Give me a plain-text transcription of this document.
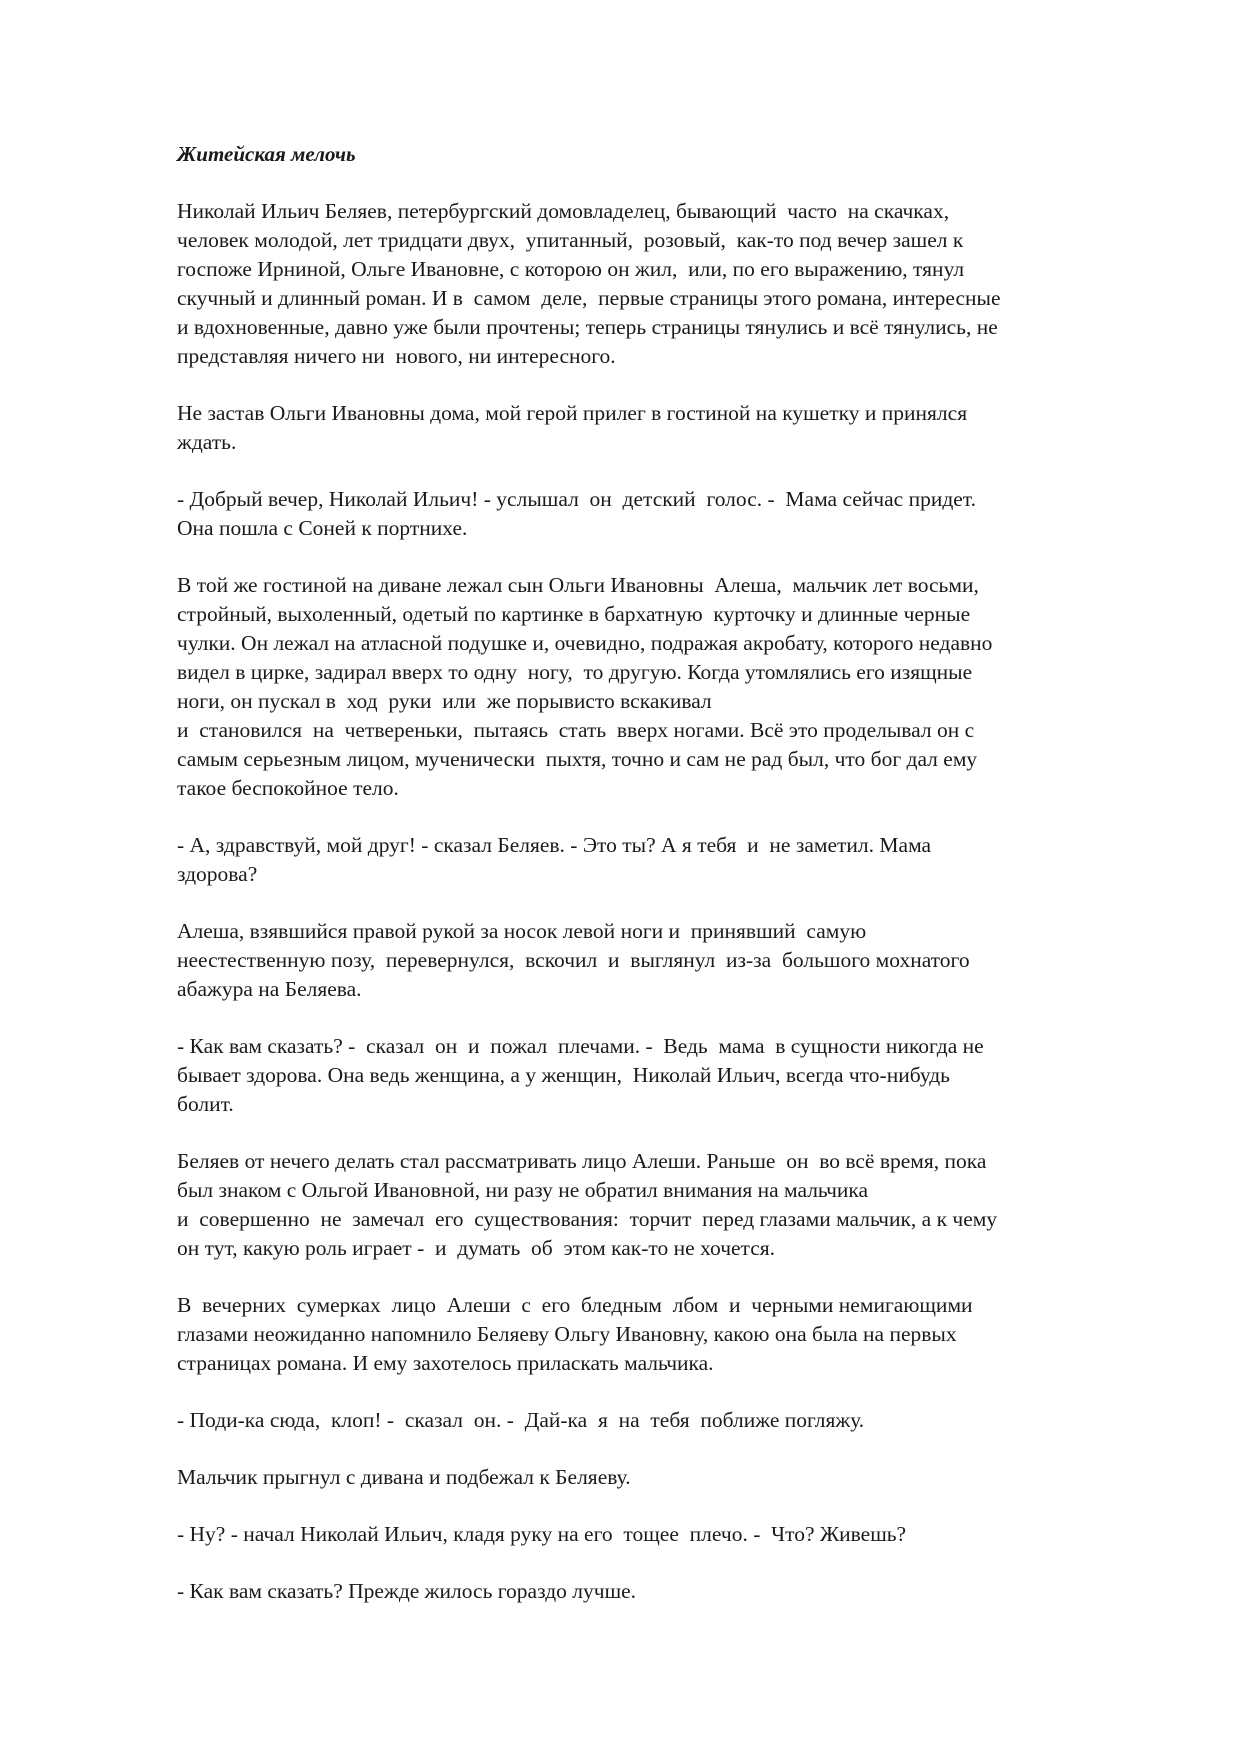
Житейская мелочь
Николай Ильич Беляев, петербургский домовладелец, бывающий  часто  на скачках,
человек молодой, лет тридцати двух,  упитанный,  розовый,  как-то под вечер зашел к
госпоже Ирниной, Ольге Ивановне, с которою он жил,  или, по его выражению, тянул
скучный и длинный роман. И в  самом  деле,  первые страницы этого романа, интересные
и вдохновенные, давно уже были прочтены; теперь страницы тянулись и всё тянулись, не
представляя ничего ни  нового, ни интересного.
Не застав Ольги Ивановны дома, мой герой прилег в гостиной на кушетку и принялся
ждать.
- Добрый вечер, Николай Ильич! - услышал  он  детский  голос. -  Мама сейчас придет.
Она пошла с Соней к портнихе.
В той же гостиной на диване лежал сын Ольги Ивановны  Алеша,  мальчик лет восьми,
стройный, выхоленный, одетый по картинке в бархатную  курточку и длинные черные
чулки. Он лежал на атласной подушке и, очевидно, подражая акробату, которого недавно
видел в цирке, задирал вверх то одну  ногу,  то другую. Когда утомлялись его изящные
ноги, он пускал в  ход  руки  или  же порывисто вскакивал
и  становился  на  четвереньки,  пытаясь  стать  вверх ногами. Всё это проделывал он с
самым серьезным лицом, мученически  пыхтя, точно и сам не рад был, что бог дал ему
такое беспокойное тело.
- А, здравствуй, мой друг! - сказал Беляев. - Это ты? А я тебя  и  не заметил. Мама
здорова?
Алеша, взявшийся правой рукой за носок левой ноги и  принявший  самую
неестественную позу,  перевернулся,  вскочил  и  выглянул  из-за  большого мохнатого
абажура на Беляева.
- Как вам сказать? -  сказал  он  и  пожал  плечами. -  Ведь  мама  в сущности никогда не
бывает здорова. Она ведь женщина, а у женщин,  Николай Ильич, всегда что-нибудь
болит.
Беляев от нечего делать стал рассматривать лицо Алеши. Раньше  он  во всё время, пока
был знаком с Ольгой Ивановной, ни разу не обратил внимания на мальчика
и  совершенно  не  замечал  его  существования:  торчит  перед глазами мальчик, а к чему
он тут, какую роль играет -  и  думать  об  этом как-то не хочется.
В  вечерних  сумерках  лицо  Алеши  с  его  бледным  лбом  и  черными немигающими
глазами неожиданно напомнило Беляеву Ольгу Ивановну, какою она была на первых
страницах романа. И ему захотелось приласкать мальчика.
- Поди-ка сюда,  клоп! -  сказал  он. -  Дай-ка  я  на  тебя  поближе погляжу.
Мальчик прыгнул с дивана и подбежал к Беляеву.
- Ну? - начал Николай Ильич, кладя руку на его  тощее  плечо. -  Что? Живешь?
- Как вам сказать? Прежде жилось гораздо лучше.
